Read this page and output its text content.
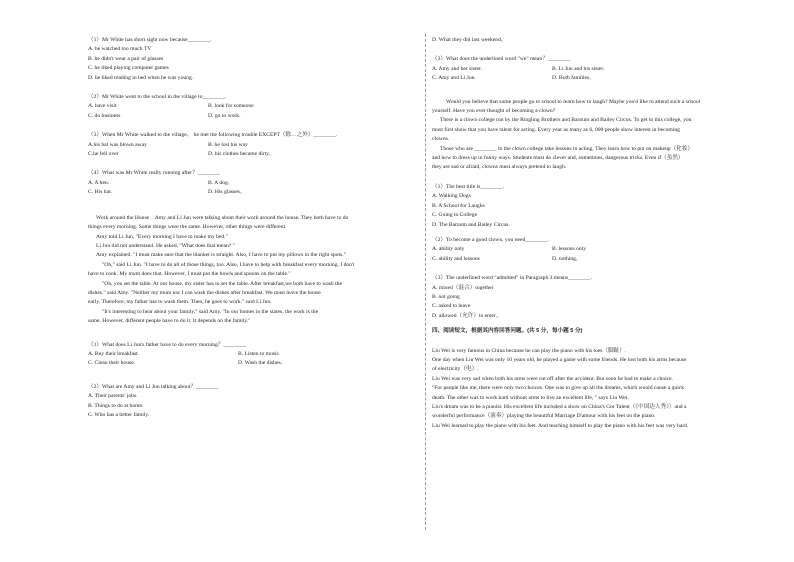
（1）Mr White has short sight now because________.

A. he watched too much TV

B. he didn't wear a pair of glasses

C. he liked playing computer games

D. he liked reading in bed when he was young.

（2）Mr White went to the school in the village to________.

A. have visit	B. look for someone
C. do business	D. go to work.

（3）When Mr White walked to the village， he met the following trouble EXCEPT（除…之外）________.

A.his hat was blown away	B. he lost his way
C.he fell over	D. his clothes became dirty。

（4）What was Mr White really running after？________

A. A hen.	B. A dog.
C. His hat.	D. His glasses。

Work around the House　Amy and Li Jun were talking about their work around the house. They both have to do

things every morning. Some things were the same. However, other things were different.

Amy told Li Jun, "Every morning I have to make my bed."

Li Jun did not understand. He asked, "What does that mean? "

Amy explained. "I must make sure that the blanket is straight. Also, I have to put my pillows in the right spots."

"Oh," said Li Jun. "I have to do all of those things, too. Also, I have to help with breakfast every morning. I don't

have to cook. My mum does that. However, I must put the bowls and spoons on the table."

"Oh, you set the table. At our house, my sister has to set the table. After breakfast,we both have to wash the

dishes." said Amy. "Neither my mum nor I can wash the dishes after breakfast. We must leave the house

early. Therefore, my father has to wash them. Then, he goes to work." said Li Jun.

"It's interesting to hear about your family," said Amy. "In our homes in the states, the work is the

same. However, different people have to do it. It depends on the family."

（1）What does Li Jun's father have to do every morning？________

A. Buy their breakfast.	B. Listen to music.
C. Clean their house.	D. Wash the dishes。

（2）What are Amy and Li Jun talking about？________

A. Their parents' jobs.

B. Things to do at home.

C. Who has a better family.

D. What they did last weekend。

（3）What does the underlined word "we" mean？________

A. Amy and her sister.	B. Li Jun and his sister.
C. Amy and Li Jun.	D. Both families。

Would you believe that some people go to school to learn how to laugh? Maybe you'd like to attend such a school

yourself. Have you ever thought of becoming a clown?

There is a clown college run by the Ringling Brothers and Barnum and Bailey Circus. To get to this college, you

must first show that you have talent for acting. Every year as many as 6, 000 people show interest in becoming

clowns.

Those who are ________ to the clown college take lessons in acting. They learn how to put on makeup（化妆）

and how to dress up in funny ways. Students must do clever and, sometimes, dangerous tricks. Even if（虽然）

they are sad or afraid, clowns must always pretend to laugh.

（1）The best title is________.

A. Walking Dogs

B. A School for Laughs

C. Going to College

D. The Barnum and Bailey Circus.

（2）To become a good clown, you need________.

A. ability only	B. lessons only
C. ability and lessons	D. nothing。

（3）The underlined word "admitted" in Paragraph 3 means________.

A. mixed（混合）together

B. not going

C. asked to leave

D. allowed（允许）to enter。

四、阅读短文，根据其内容回答问题。(共 5 分，每小题 5 分)

Liu Wei is very famous in China because he can play the piano with his toes（脚趾）.

One day when Liu Wei was only 10 years old, he played a game with some friends. He lost both his arms because

of electricity（电）.

Liu Wei was very sad when both his arms were cut off after the accident. But soon he had to make a choice.

"For people like me, there were only two choices. One was to give up all the dreams, which would cause a quick

death. The other was to work hard without arms to live an excellent life, " says Liu Wei.

Liu's dream was to be a pianist. His excellent life included a show on China's Got Talent（《中国达人秀》）and a

wonderful performance（演奏）playing the beautiful Marriage D'amour with his feet on the piano.

Liu Wei learned to play the piano with his feet. And teaching himself to play the piano with his feet was very hard.
